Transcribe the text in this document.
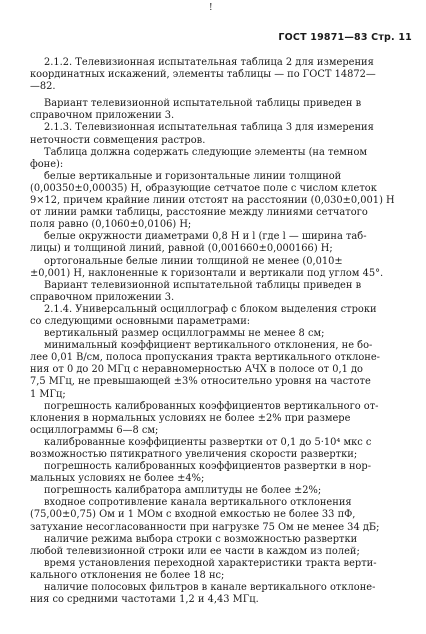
!
ГОСТ 19871—83 Стр. 11
2.1.2. Телевизионная испытательная таблица 2 для измерения
координатных искажений, элементы таблицы — по ГОСТ 14872—
—82.
Вариант телевизионной испытательной таблицы приведен в
справочном приложении 3.
2.1.3. Телевизионная испытательная таблица 3 для измерения
неточности совмещения растров.
Таблица должна содержать следующие элементы (на темном
фоне):
белые вертикальные и горизонтальные линии толщиной
(0,00350±0,00035) H, образующие сетчатое поле с числом клеток
9×12, причем крайние линии отстоят на расстоянии (0,030±0,001) H
от линии рамки таблицы, расстояние между линиями сетчатого
поля равно (0,1060±0,0106) H;
белые окружности диаметрами 0,8 H и l (где l — ширина таб-
лицы) и толщиной линий, равной (0,001660±0,000166) H;
ортогональные белые линии толщиной не менее (0,010±
±0,001) H, наклоненные к горизонтали и вертикали под углом 45°.
Вариант телевизионной испытательной таблицы приведен в
справочном приложении 3.
2.1.4. Универсальный осциллограф с блоком выделения строки
со следующими основными параметрами:
вертикальный размер осциллограммы не менее 8 см;
минимальный коэффициент вертикального отклонения, не бо-
лее 0,01 В/см, полоса пропускания тракта вертикального отклоне-
ния от 0 до 20 МГц с неравномерностью АЧХ в полосе от 0,1 до
7,5 МГц, не превышающей ±3% относительно уровня на частоте
1 МГц;
погрешность калиброванных коэффициентов вертикального от-
клонения в нормальных условиях не более ±2% при размере
осциллограммы 6—8 см;
калиброванные коэффициенты развертки от 0,1 до 5·10⁴ мкс с
возможностью пятикратного увеличения скорости развертки;
погрешность калиброванных коэффициентов развертки в нор-
мальных условиях не более ±4%;
погрешность калибратора амплитуды не более ±2%;
входное сопротивление канала вертикального отклонения
(75,00±0,75) Ом и 1 МОм с входной емкостью не более 33 пФ,
затухание несогласованности при нагрузке 75 Ом не менее 34 дБ;
наличие режима выбора строки с возможностью развертки
любой телевизионной строки или ее части в каждом из полей;
время установления переходной характеристики тракта верти-
кального отклонения не более 18 нс;
наличие полосовых фильтров в канале вертикального отклоне-
ния со средними частотами 1,2 и 4,43 МГц.
